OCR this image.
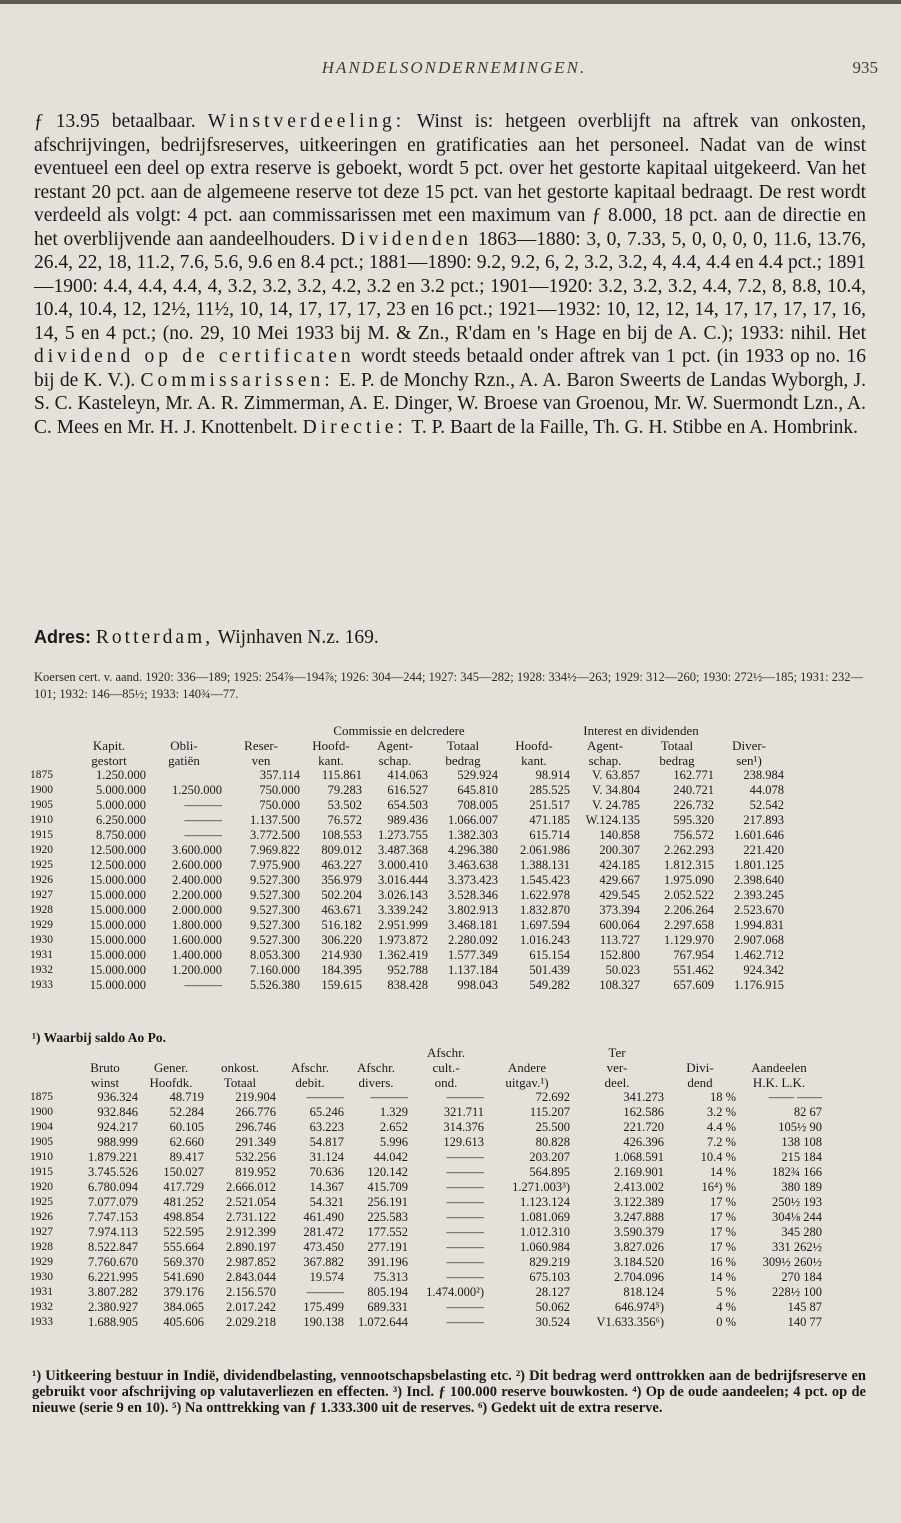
HANDELSONDERNEMINGEN.	935
ƒ 13.95 betaalbaar. Winstverdeeling: Winst is: hetgeen overblijft na aftrek van onkosten, afschrijvingen, bedrijfsreserves, uitkeeringen en gratificaties aan het personeel. Nadat van de winst eventueel een deel op extra reserve is geboekt, wordt 5 pct. over het gestorte kapitaal uitgekeerd. Van het restant 20 pct. aan de algemeene reserve tot deze 15 pct. van het gestorte kapitaal bedraagt. De rest wordt verdeeld als volgt: 4 pct. aan commissarissen met een maximum van ƒ 8.000, 18 pct. aan de directie en het overblijvende aan aandeelhouders. Dividenden 1863—1880: 3, 0, 7.33, 5, 0, 0, 0, 0, 11.6, 13.76, 26.4, 22, 18, 11.2, 7.6, 5.6, 9.6 en 8.4 pct.; 1881—1890: 9.2, 9.2, 6, 2, 3.2, 3.2, 4, 4.4, 4.4 en 4.4 pct.; 1891—1900: 4.4, 4.4, 4.4, 4, 3.2, 3.2, 3.2, 4.2, 3.2 en 3.2 pct.; 1901—1920: 3.2, 3.2, 3.2, 4.4, 7.2, 8, 8.8, 10.4, 10.4, 10.4, 12, 12½, 11½, 10, 14, 17, 17, 17, 23 en 16 pct.; 1921—1932: 10, 12, 12, 14, 17, 17, 17, 17, 16, 14, 5 en 4 pct.; (no. 29, 10 Mei 1933 bij M. & Zn., R'dam en 's Hage en bij de A. C.); 1933: nihil. Het dividend op de certificaten wordt steeds betaald onder aftrek van 1 pct. (in 1933 op no. 16 bij de K. V.). Commissarissen: E. P. de Monchy Rzn., A. A. Baron Sweerts de Landas Wyborgh, J. S. C. Kasteleyn, Mr. A. R. Zimmerman, A. E. Dinger, W. Broese van Groenou, Mr. W. Suermondt Lzn., A. C. Mees en Mr. H. J. Knottenbelt. Directie: T. P. Baart de la Faille, Th. G. H. Stibbe en A. Hombrink.
Adres: Rotterdam, Wijnhaven N.z. 169.
Koersen cert. v. aand. 1920: 336—189; 1925: 254⅞—194⅞; 1926: 304—244; 1927: 345—282; 1928: 334½—263; 1929: 312—260; 1930: 272½—185; 1931: 232—101; 1932: 146—85½; 1933: 140¾—77.
				Commissie en delcredere			Interest en dividenden			
	Kapit.	Obli-	Reser-	Hoofd-	Agent-	Totaal	Hoofd-	Agent-	Totaal	Diver-
	gestort	gatiën	ven	kant.	schap.	bedrag	kant.	schap.	bedrag	sen¹)
1875	1.250.000		357.114	115.861	414.063	529.924	98.914	V. 63.857	162.771	238.984
1900	5.000.000	1.250.000	750.000	79.283	616.527	645.810	285.525	V. 34.804	240.721	44.078
1905	5.000.000	———	750.000	53.502	654.503	708.005	251.517	V. 24.785	226.732	52.542
1910	6.250.000	———	1.137.500	76.572	989.436	1.066.007	471.185	W.124.135	595.320	217.893
1915	8.750.000	———	3.772.500	108.553	1.273.755	1.382.303	615.714	140.858	756.572	1.601.646
1920	12.500.000	3.600.000	7.969.822	809.012	3.487.368	4.296.380	2.061.986	200.307	2.262.293	221.420
1925	12.500.000	2.600.000	7.975.900	463.227	3.000.410	3.463.638	1.388.131	424.185	1.812.315	1.801.125
1926	15.000.000	2.400.000	9.527.300	356.979	3.016.444	3.373.423	1.545.423	429.667	1.975.090	2.398.640
1927	15.000.000	2.200.000	9.527.300	502.204	3.026.143	3.528.346	1.622.978	429.545	2.052.522	2.393.245
1928	15.000.000	2.000.000	9.527.300	463.671	3.339.242	3.802.913	1.832.870	373.394	2.206.264	2.523.670
1929	15.000.000	1.800.000	9.527.300	516.182	2.951.999	3.468.181	1.697.594	600.064	2.297.658	1.994.831
1930	15.000.000	1.600.000	9.527.300	306.220	1.973.872	2.280.092	1.016.243	113.727	1.129.970	2.907.068
1931	15.000.000	1.400.000	8.053.300	214.930	1.362.419	1.577.349	615.154	152.800	767.954	1.462.712
1932	15.000.000	1.200.000	7.160.000	184.395	952.788	1.137.184	501.439	50.023	551.462	924.342
1933	15.000.000	———	5.526.380	159.615	838.428	998.043	549.282	108.327	657.609	1.176.915
¹) Waarbij saldo Ao Po.
						Afschr.		Ter		
	Bruto	Gener.	onkost.	Afschr.	Afschr.	cult.-	Andere	ver-	Divi-	Aandeelen
	winst	Hoofdk.	Totaal	debit.	divers.	ond.	uitgav.¹)	deel.	dend	H.K. L.K.
1875	936.324	48.719	219.904	———	———	———	72.692	341.273	18 %	—— ——
1900	932.846	52.284	266.776	65.246	1.329	321.711	115.207	162.586	3.2 %	82 67
1904	924.217	60.105	296.746	63.223	2.652	314.376	25.500	221.720	4.4 %	105½ 90
1905	988.999	62.660	291.349	54.817	5.996	129.613	80.828	426.396	7.2 %	138 108
1910	1.879.221	89.417	532.256	31.124	44.042	———	203.207	1.068.591	10.4 %	215 184
1915	3.745.526	150.027	819.952	70.636	120.142	———	564.895	2.169.901	14 %	182¾ 166
1920	6.780.094	417.729	2.666.012	14.367	415.709	———	1.271.003³)	2.413.002	16⁴) %	380 189
1925	7.077.079	481.252	2.521.054	54.321	256.191	———	1.123.124	3.122.389	17 %	250½ 193
1926	7.747.153	498.854	2.731.122	461.490	225.583	———	1.081.069	3.247.888	17 %	304⅛ 244
1927	7.974.113	522.595	2.912.399	281.472	177.552	———	1.012.310	3.590.379	17 %	345 280
1928	8.522.847	555.664	2.890.197	473.450	277.191	———	1.060.984	3.827.026	17 %	331 262½
1929	7.760.670	569.370	2.987.852	367.882	391.196	———	829.219	3.184.520	16 %	309½ 260½
1930	6.221.995	541.690	2.843.044	19.574	75.313	———	675.103	2.704.096	14 %	270 184
1931	3.807.282	379.176	2.156.570	———	805.194	1.474.000²)	28.127	818.124	5 %	228½ 100
1932	2.380.927	384.065	2.017.242	175.499	689.331	———	50.062	646.974⁵)	4 %	145 87
1933	1.688.905	405.606	2.029.218	190.138	1.072.644	———	30.524	V1.633.356⁶)	0 %	140 77
¹) Uitkeering bestuur in Indië, dividendbelasting, vennootschapsbelasting etc. ²) Dit bedrag werd onttrokken aan de bedrijfsreserve en gebruikt voor afschrijving op valutaverliezen en effecten. ³) Incl. ƒ 100.000 reserve bouwkosten. ⁴) Op de oude aandeelen; 4 pct. op de nieuwe (serie 9 en 10). ⁵) Na onttrekking van ƒ 1.333.300 uit de reserves. ⁶) Gedekt uit de extra reserve.
